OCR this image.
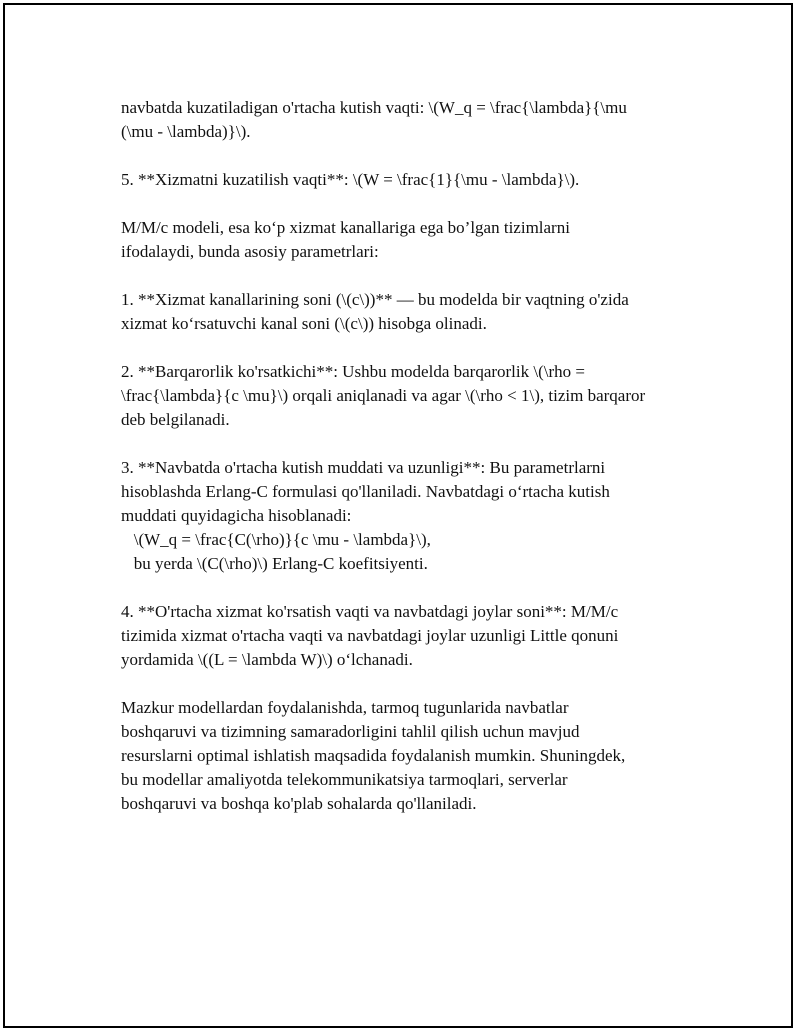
navbatda kuzatiladigan o'rtacha kutish vaqti: \(W_q = \frac{\lambda}{\mu
(\mu - \lambda)}\).

5. **Xizmatni kuzatilish vaqti**: \(W = \frac{1}{\mu - \lambda}\).

M/M/c modeli, esa ko‘p xizmat kanallariga ega bo’lgan tizimlarni
ifodalaydi, bunda asosiy parametrlari:

1. **Xizmat kanallarining soni (\(c\))** — bu modelda bir vaqtning o'zida
xizmat ko‘rsatuvchi kanal soni (\(c\)) hisobga olinadi.

2. **Barqarorlik ko'rsatkichi**: Ushbu modelda barqarorlik \(\rho =
\frac{\lambda}{c \mu}\) orqali aniqlanadi va agar \(\rho < 1\), tizim barqaror
deb belgilanadi.

3. **Navbatda o'rtacha kutish muddati va uzunligi**: Bu parametrlarni
hisoblashda Erlang-C formulasi qo'llaniladi. Navbatdagi o‘rtacha kutish
muddati quyidagicha hisoblanadi:
\(W_q = \frac{C(\rho)}{c \mu - \lambda}\),
bu yerda \(C(\rho)\) Erlang-C koefitsiyenti.

4. **O'rtacha xizmat ko'rsatish vaqti va navbatdagi joylar soni**: M/M/c
tizimida xizmat o'rtacha vaqti va navbatdagi joylar uzunligi Little qonuni
yordamida \((L = \lambda W)\) o‘lchanadi.

Mazkur modellardan foydalanishda, tarmoq tugunlarida navbatlar
boshqaruvi va tizimning samaradorligini tahlil qilish uchun mavjud
resurslarni optimal ishlatish maqsadida foydalanish mumkin. Shuningdek,
bu modellar amaliyotda telekommunikatsiya tarmoqlari, serverlar
boshqaruvi va boshqa ko'plab sohalarda qo'llaniladi.
